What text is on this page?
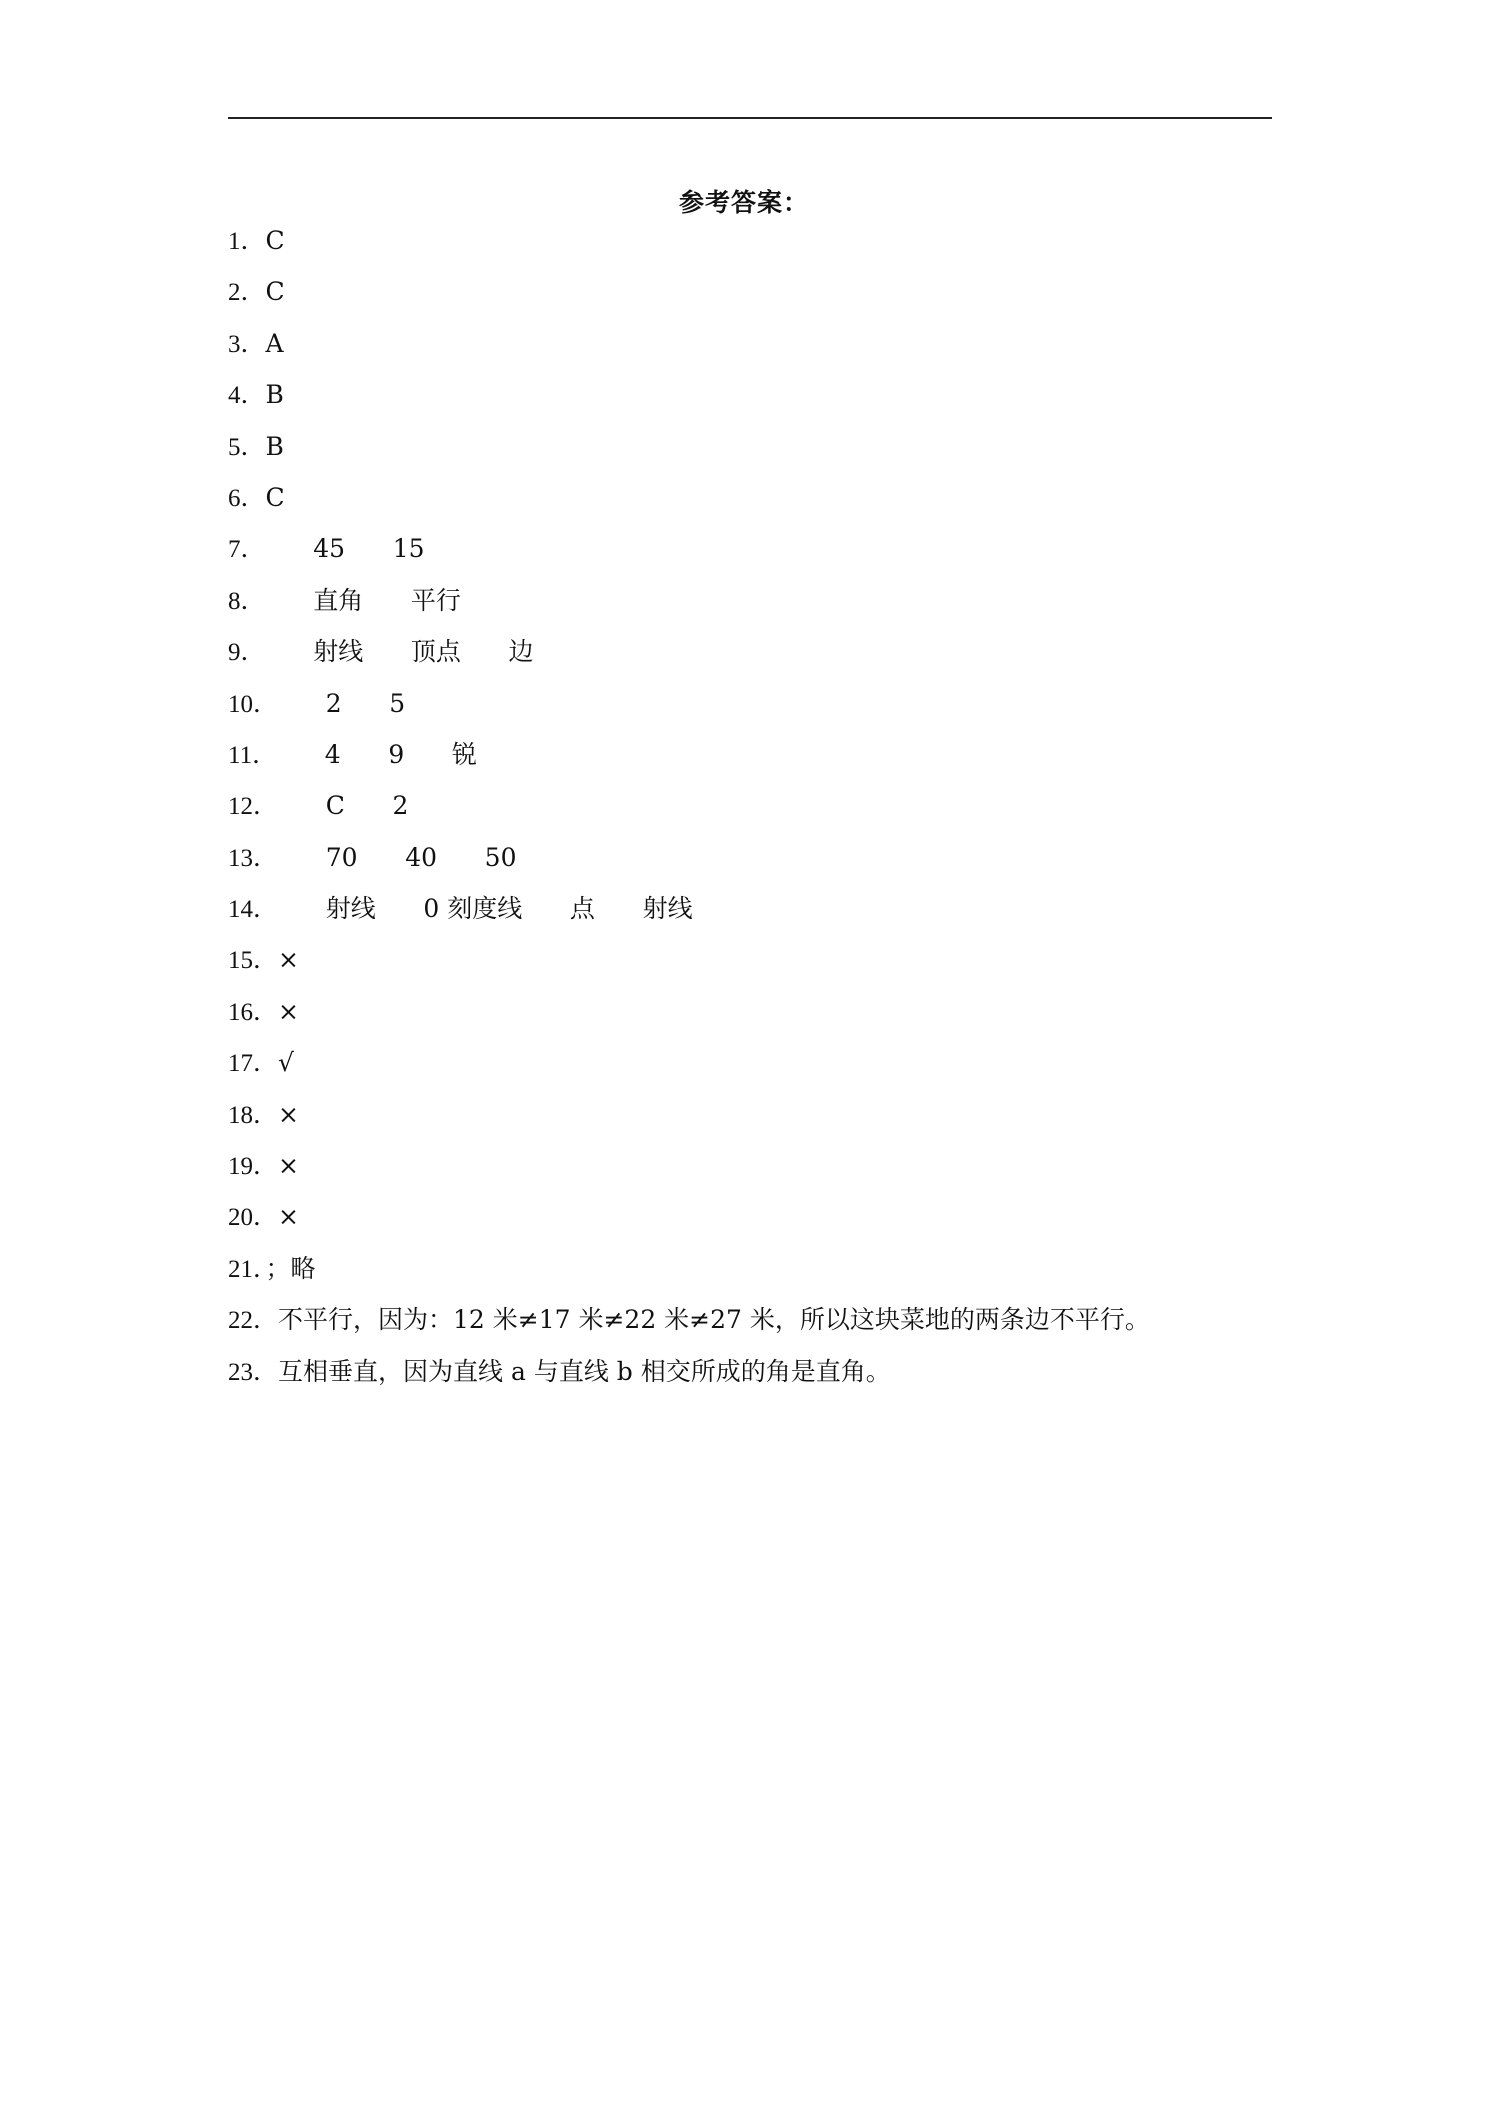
参考答案：
1．C
2．C
3．A
4．B
5．B
6．C
7．      45      15
8．      直角      平行
9．      射线      顶点      边
10．      2      5
11．      4      9      锐
12．      C      2
13．      70      40      50
14．      射线      0 刻度线      点      射线
15．×
16．×
17．√
18．×
19．×
20．×
21．；略
22．不平行，因为：12 米≠17 米≠22 米≠27 米，所以这块菜地的两条边不平行。
23．互相垂直，因为直线 a 与直线 b 相交所成的角是直角。
